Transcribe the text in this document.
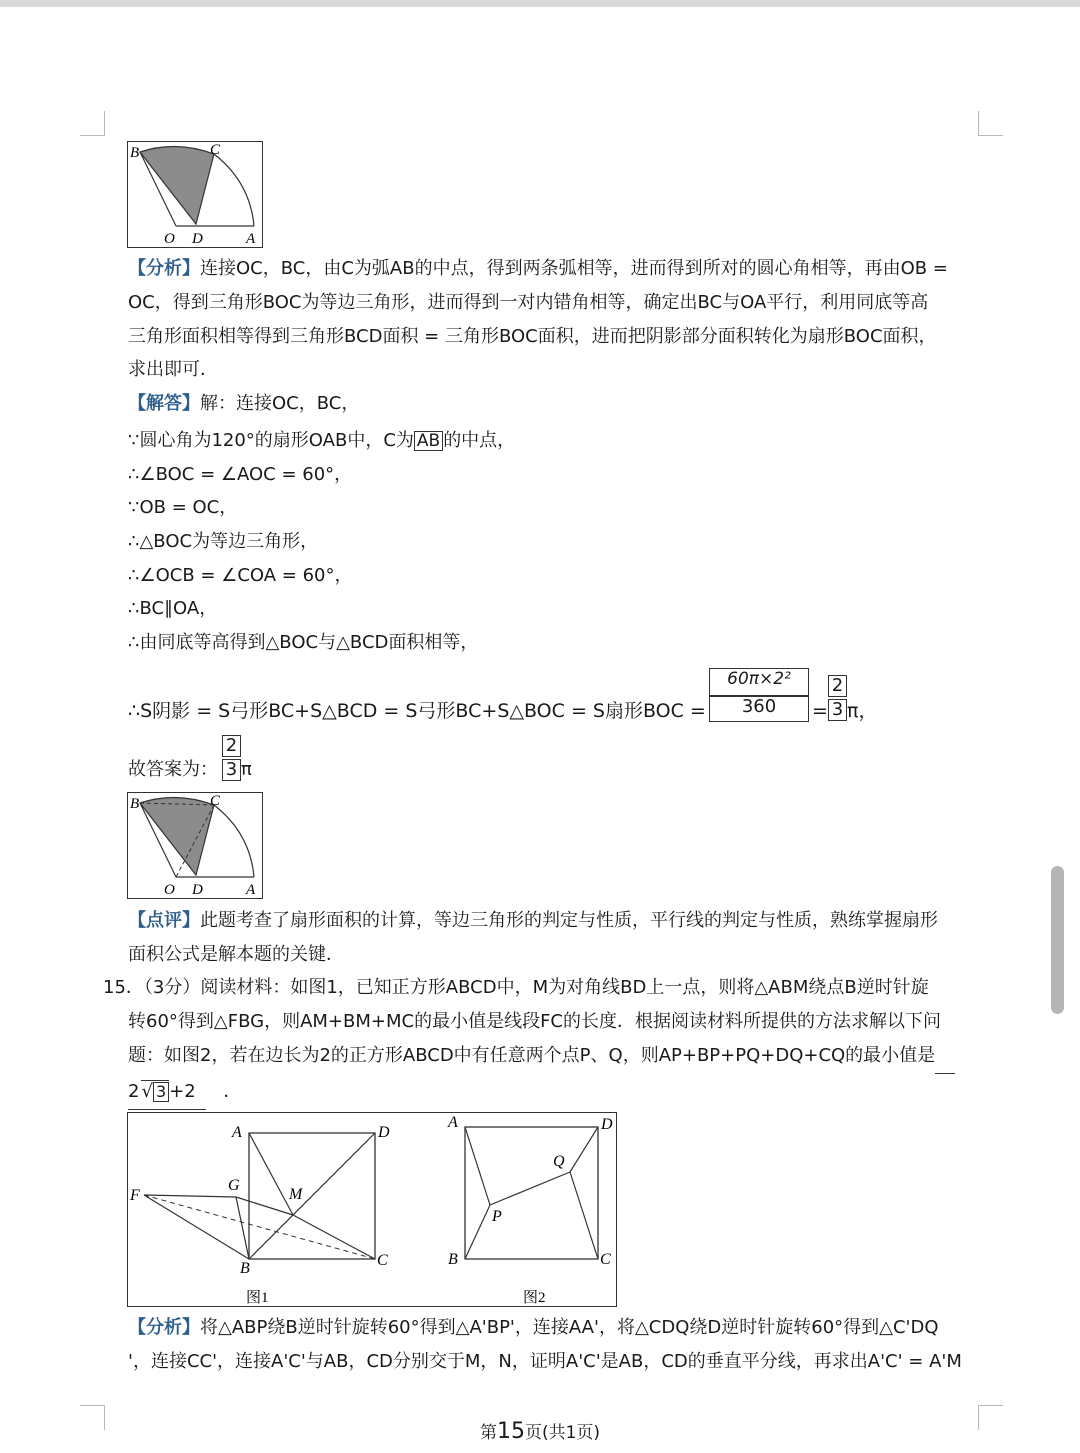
B	C
O D	A
【分析】连接OC，BC，由C为弧AB的中点，得到两条弧相等，进而得到所对的圆心角相等，再由OB =
OC，得到三角形BOC为等边三角形，进而得到一对内错角相等，确定出BC与OA平行，利用同底等高
三角形面积相等得到三角形BCD面积 = 三角形BOC面积，进而把阴影部分面积转化为扇形BOC面积，
求出即可．
【解答】解：连接OC，BC，
∵圆心角为120°的扇形OAB中，C为 AB 的中点，
∴∠BOC = ∠AOC = 60°，
∵OB = OC，
∴△BOC为等边三角形，
∴∠OCB = ∠COA = 60°，
∴BC∥OA，
∴由同底等高得到△BOC与△BCD面积相等，
∴S阴影 = S弓形BC+S△BCD = S弓形BC+S△BOC = S扇形BOC =
60π×2²
360	=
2
3 π，
故答案为：
2
3 π
B	C
O D	A
【点评】此题考查了扇形面积的计算，等边三角形的判定与性质，平行线的判定与性质，熟练掌握扇形
面积公式是解本题的关键．
15．（3分）阅读材料：如图1，已知正方形ABCD中，M为对角线BD上一点，则将△ABM绕点B逆时针旋
转60°得到△FBG，则AM+BM+MC的最小值是线段FC的长度．根据阅读材料所提供的方法求解以下问
题：如图2，若在边长为2的正方形ABCD中有任意两个点P、Q，则AP+BP+PQ+DQ+CQ的最小值是
2 √ 3 +2 ．
A	D
F
G
M
B	C
图1
A	D
P
Q
B	C
图2
【分析】将△ABP绕B逆时针旋转60°得到△A'BP'，连接AA'，将△CDQ绕D逆时针旋转60°得到△C'DQ
'，连接CC'，连接A'C'与AB，CD分别交于M，N，证明A'C'是AB，CD的垂直平分线，再求出A'C' = A'M
第15页(共1页)
